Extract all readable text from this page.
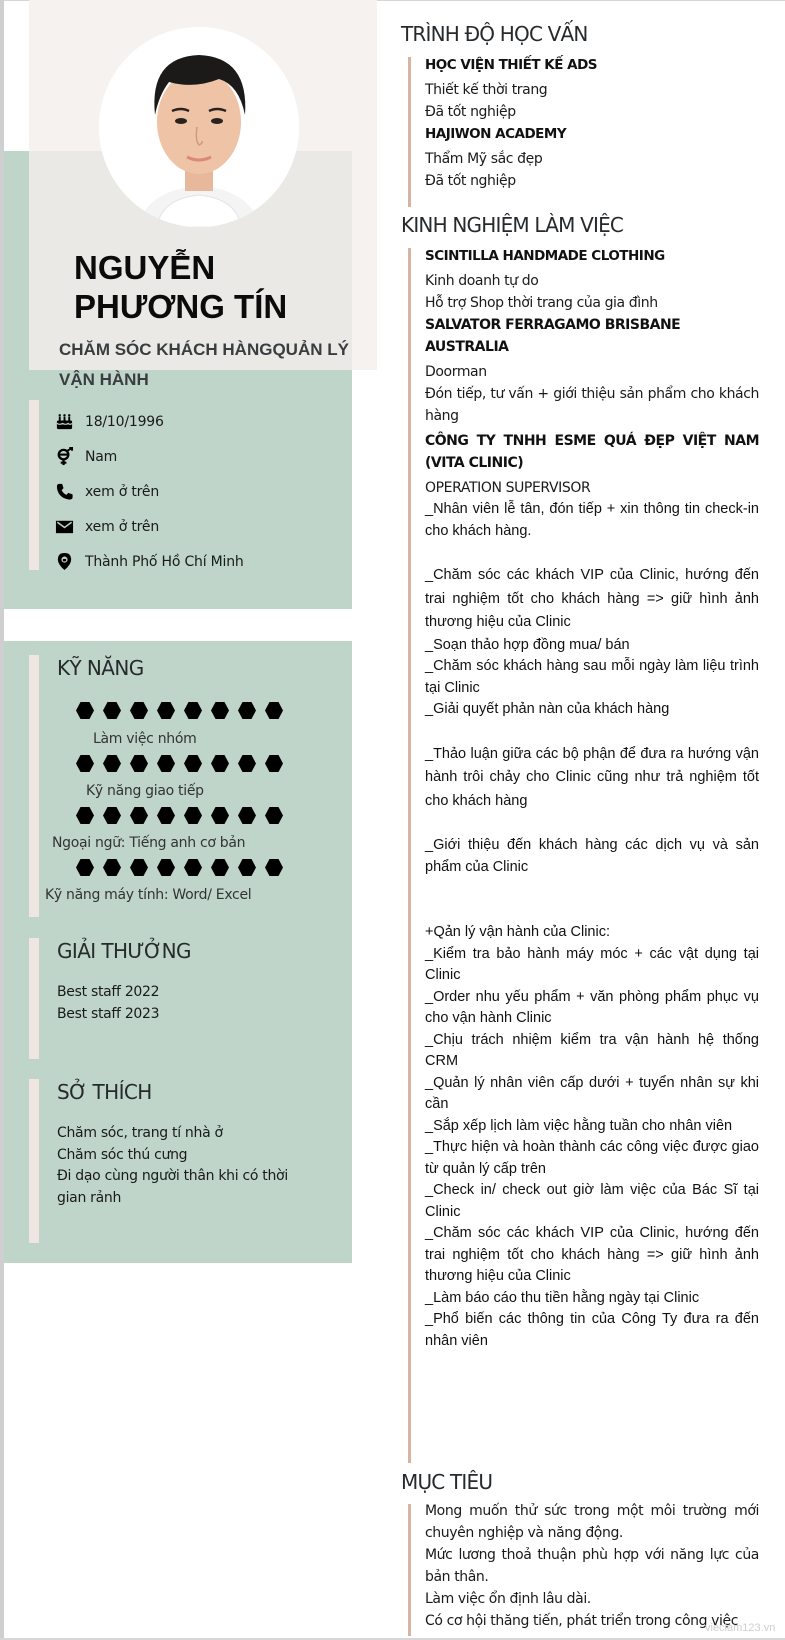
NGUYỄN PHƯƠNG TÍN
CHĂM SÓC KHÁCH HÀNGQUẢN LÝ VẬN HÀNH
18/10/1996
Nam
xem ở trên
xem ở trên
Thành Phố Hồ Chí Minh
KỸ NĂNG
Làm việc nhóm
Kỹ năng giao tiếp
Ngoại ngữ: Tiếng anh cơ bản
Kỹ năng máy tính: Word/ Excel
GIẢI THƯỞNG
Best staff 2022
Best staff 2023
SỞ THÍCH
Chăm sóc, trang tí nhà ở
Chăm sóc thú cưng
Đi dạo cùng người thân khi có thời gian rảnh
TRÌNH ĐỘ HỌC VẤN
HỌC VIỆN THIẾT KẾ ADS
Thiết kế thời trang
Đã tốt nghiệp
HAJIWON ACADEMY
Thẩm Mỹ sắc đẹp
Đã tốt nghiệp
KINH NGHIỆM LÀM VIỆC
SCINTILLA HANDMADE CLOTHING
Kinh doanh tự do
Hỗ trợ Shop thời trang của gia đình
SALVATOR FERRAGAMO BRISBANE AUSTRALIA
Doorman
Đón tiếp, tư vấn + giới thiệu sản phẩm cho khách hàng
CÔNG TY TNHH ESME QUÁ ĐẸP VIỆT NAM (VITA CLINIC)
OPERATION SUPERVISOR
_Nhân viên lễ tân, đón tiếp + xin thông tin check-in cho khách hàng.
_Chăm sóc các khách VIP của Clinic, hướng đến trai nghiệm tốt cho khách hàng => giữ hình ảnh thương hiệu của Clinic
_Soạn thảo hợp đồng mua/ bán
_Chăm sóc khách hàng sau mỗi ngày làm liệu trình tại Clinic
_Giải quyết phản nàn của khách hàng
_Thảo luận giữa các bộ phận để đưa ra hướng vận hành trôi chảy cho Clinic cũng như trả nghiệm tốt cho khách hàng
_Giới thiệu đến khách hàng các dịch vụ và sản phẩm của Clinic
+Qản lý vận hành của Clinic:
_Kiểm tra bảo hành máy móc + các vật dụng tại Clinic
_Order nhu yếu phẩm + văn phòng phẩm phục vụ cho vận hành Clinic
_Chịu trách nhiệm kiểm tra vận hành hệ thống CRM
_Quản lý nhân viên cấp dưới + tuyển nhân sự khi cần
_Sắp xếp lịch làm việc hằng tuần cho nhân viên
_Thực hiện và hoàn thành các công việc được giao từ quản lý cấp trên
_Check in/ check out giờ làm việc của Bác Sĩ tại Clinic
_Chăm sóc các khách VIP của Clinic, hướng đến trai nghiệm tốt cho khách hàng => giữ hình ảnh thương hiệu của Clinic
_Làm báo cáo thu tiền hằng ngày tại Clinic
_Phổ biến các thông tin của Công Ty đưa ra đến nhân viên
MỤC TIÊU
Mong muốn thử sức trong một môi trường mới chuyên nghiệp và năng động.
Mức lương thoả thuận phù hợp với năng lực của bản thân.
Làm việc ổn định lâu dài.
Có cơ hội thăng tiến, phát triển trong công việc
vieclam123.vn
